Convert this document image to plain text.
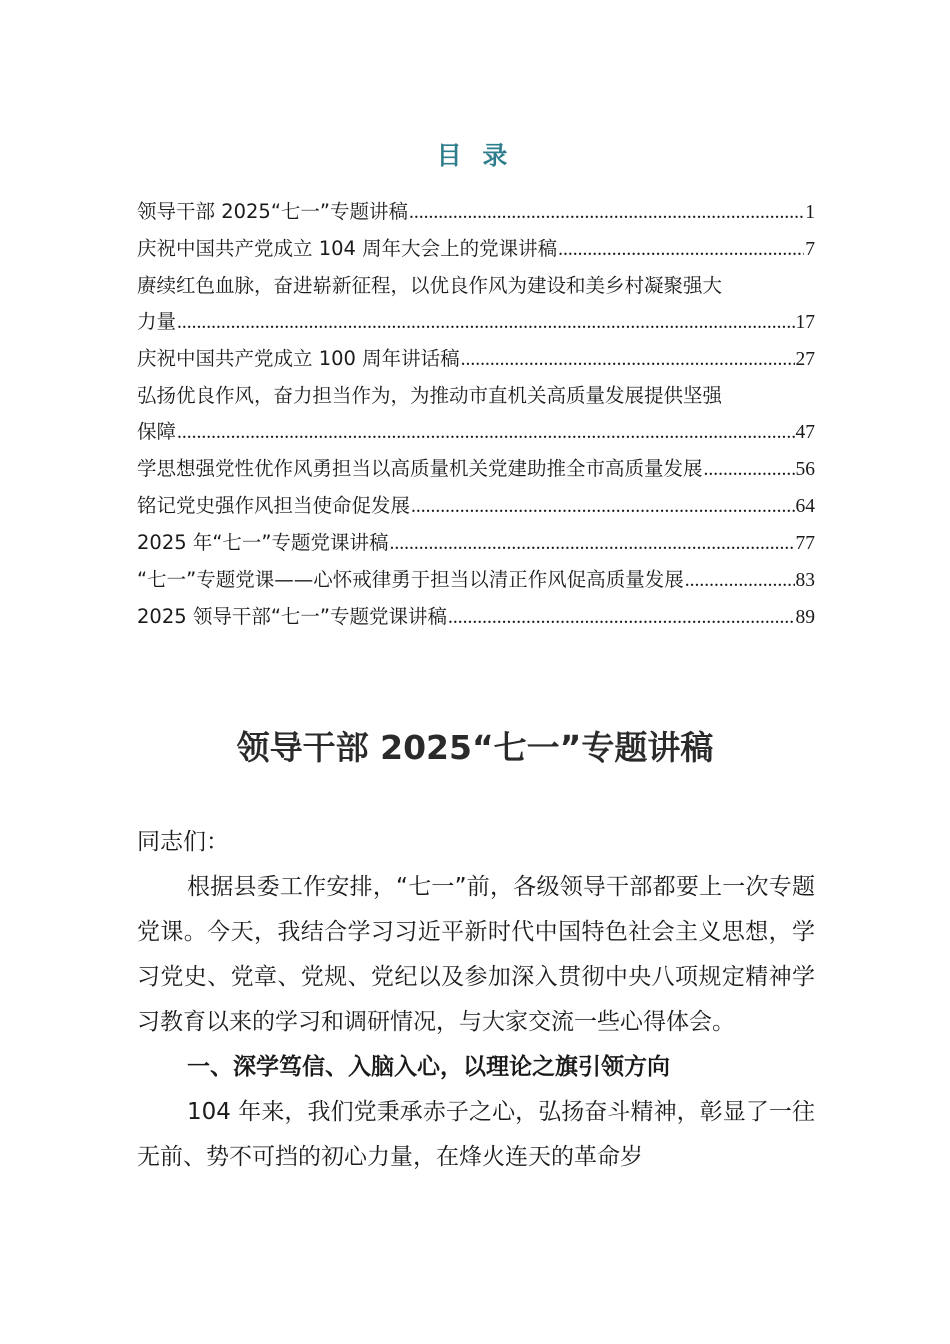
目 录
领导干部 2025“七一”专题讲稿 .....	1
庆祝中国共产党成立 104 周年大会上的党课讲稿 .....	7
赓续红色血脉，奋进崭新征程，以优良作风为建设和美乡村凝聚强大
力量 .....	17
庆祝中国共产党成立 100 周年讲话稿 .....	27
弘扬优良作风，奋力担当作为，为推动市直机关高质量发展提供坚强
保障 .....	47
学思想强党性优作风勇担当以高质量机关党建助推全市高质量发展 .....	56
铭记党史强作风担当使命促发展 .....	64
2025 年“七一”专题党课讲稿 .....	77
“七一”专题党课——心怀戒律勇于担当以清正作风促高质量发展 .....	83
2025 领导干部“七一”专题党课讲稿 .....	89
领导干部 2025“七一”专题讲稿

同志们：

根据县委工作安排，“七一”前，各级领导干部都要上一次专题党课。今天，我结合学习习近平新时代中国特色社会主义思想，学习党史、党章、党规、党纪以及参加深入贯彻中央八项规定精神学习教育以来的学习和调研情况，与大家交流一些心得体会。

一、深学笃信、入脑入心，以理论之旗引领方向

104 年来，我们党秉承赤子之心，弘扬奋斗精神，彰显了一往无前、势不可挡的初心力量，在烽火连天的革命岁
